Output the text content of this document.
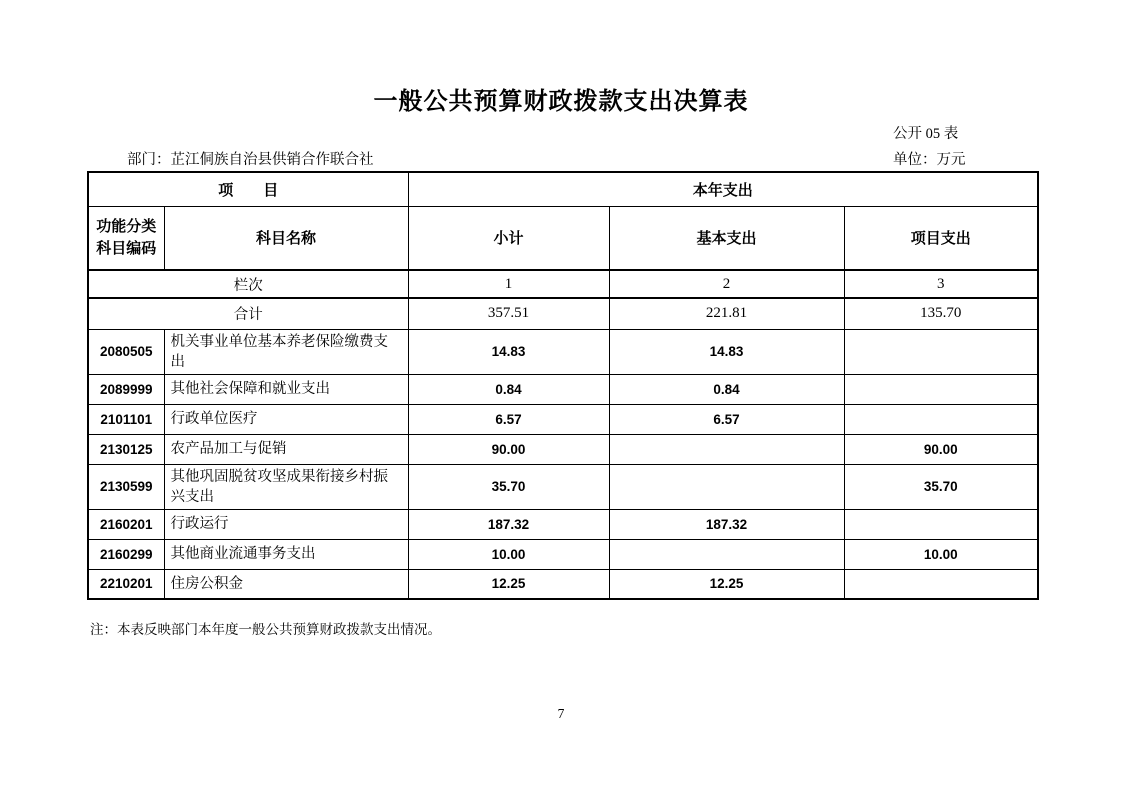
一般公共预算财政拨款支出决算表
公开 05 表
部门：芷江侗族自治县供销合作联合社	单位：万元
项　　目		本年支出		

功能分类
科目编码	科目名称	小计	基本支出	项目支出
栏次		1	2	3
合计		357.51	221.81	135.70
2080505	机关事业单位基本养老保险缴费支出	14.83	14.83	
2089999	其他社会保障和就业支出	0.84	0.84	
2101101	行政单位医疗	6.57	6.57	
2130125	农产品加工与促销	90.00		90.00
2130599	其他巩固脱贫攻坚成果衔接乡村振兴支出	35.70		35.70
2160201	行政运行	187.32	187.32	
2160299	其他商业流通事务支出	10.00		10.00
2210201	住房公积金	12.25	12.25	
注：本表反映部门本年度一般公共预算财政拨款支出情况。
7
